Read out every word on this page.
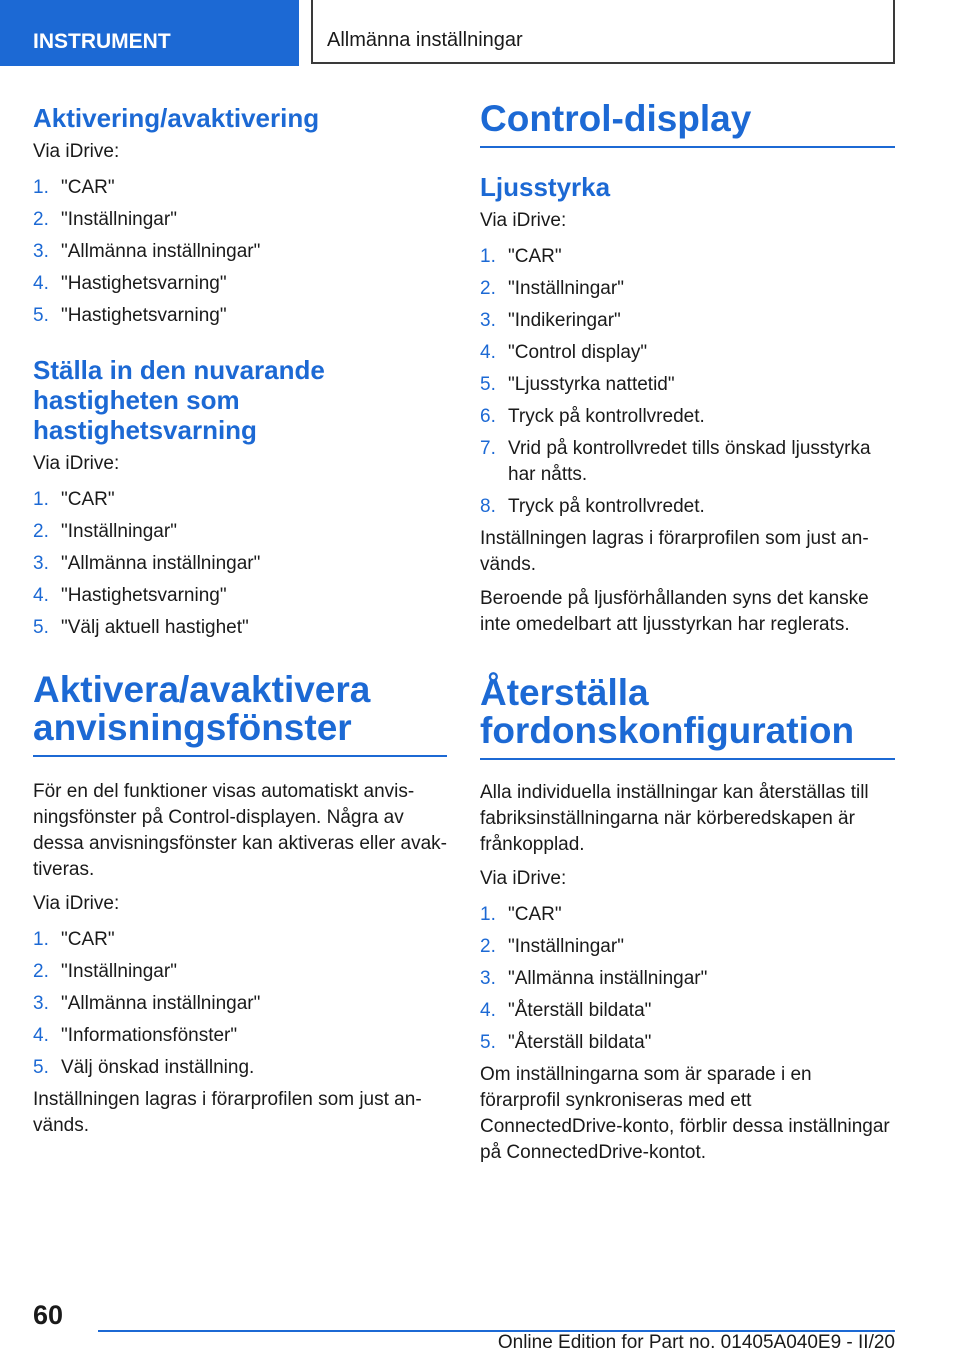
INSTRUMENT	Allmänna inställningar
Aktivering/avaktivering

Via iDrive:

1. "CAR"
2. "Inställningar"
3. "Allmänna inställningar"
4. "Hastighetsvarning"
5. "Hastighetsvarning"
Ställa in den nuvarande hastigheten som hastighetsvarning

Via iDrive:

1. "CAR"
2. "Inställningar"
3. "Allmänna inställningar"
4. "Hastighetsvarning"
5. "Välj aktuell hastighet"
Aktivera/avaktivera anvisningsfönster

För en del funktioner visas automatiskt anvisningsfönster på Control-displayen. Några av dessa anvisningsfönster kan aktiveras eller avaktiveras.

Via iDrive:

1. "CAR"
2. "Inställningar"
3. "Allmänna inställningar"
4. "Informationsfönster"
5. Välj önskad inställning.

Inställningen lagras i förarprofilen som just används.

Control-display
Ljusstyrka

Via iDrive:

1. "CAR"
2. "Inställningar"
3. "Indikeringar"
4. "Control display"
5. "Ljusstyrka nattetid"
6. Tryck på kontrollvredet.
7. Vrid på kontrollvredet tills önskad ljusstyrka har nåtts.
8. Tryck på kontrollvredet.

Inställningen lagras i förarprofilen som just används.

Beroende på ljusförhållanden syns det kanske inte omedelbart att ljusstyrkan har reglerats.

Återställa fordonskonfiguration

Alla individuella inställningar kan återställas till fabriksinställningarna när körberedskapen är frånkopplad.

Via iDrive:

1. "CAR"
2. "Inställningar"
3. "Allmänna inställningar"
4. "Återställ bildata"
5. "Återställ bildata"

Om inställningarna som är sparade i en förarprofil synkroniseras med ett ConnectedDrive-konto, förblir dessa inställningar på ConnectedDrive-kontot.

60
Online Edition for Part no. 01405A040E9 - II/20
